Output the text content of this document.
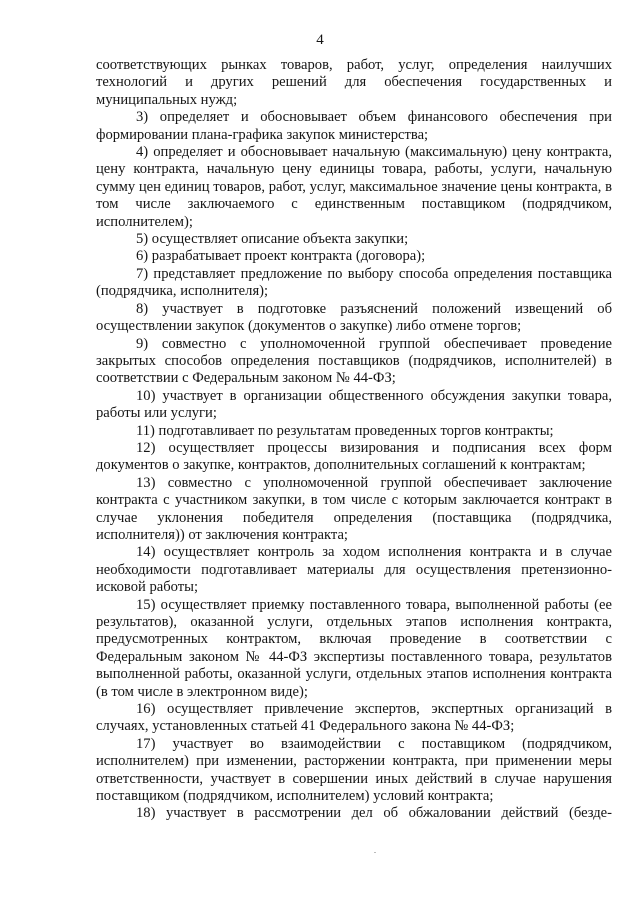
4

соответствующих рынках товаров, работ, услуг, определения наилучших технологий и других решений для обеспечения государственных и муниципальных нужд;

3) определяет и обосновывает объем финансового обеспечения при формировании плана-графика закупок министерства;

4) определяет и обосновывает начальную (максимальную) цену контракта, цену контракта, начальную цену единицы товара, работы, услуги, начальную сумму цен единиц товаров, работ, услуг, максимальное значение цены контракта, в том числе заключаемого с единственным поставщиком (подрядчиком, исполнителем);

5) осуществляет описание объекта закупки;

6) разрабатывает проект контракта (договора);

7) представляет предложение по выбору способа определения поставщика (подрядчика, исполнителя);

8) участвует в подготовке разъяснений положений извещений об осуществлении закупок (документов о закупке) либо отмене торгов;

9) совместно с уполномоченной группой обеспечивает проведение закрытых способов определения поставщиков (подрядчиков, исполнителей) в соответствии с Федеральным законом № 44-ФЗ;

10) участвует в организации общественного обсуждения закупки товара, работы или услуги;

11) подготавливает по результатам проведенных торгов контракты;

12) осуществляет процессы визирования и подписания всех форм документов о закупке, контрактов, дополнительных соглашений к контрактам;

13) совместно с уполномоченной группой обеспечивает заключение контракта с участником закупки, в том числе с которым заключается контракт в случае уклонения победителя определения (поставщика (подрядчика, исполнителя)) от заключения контракта;

14) осуществляет контроль за ходом исполнения контракта и в случае необходимости подготавливает материалы для осуществления претензионно-исковой работы;

15) осуществляет приемку поставленного товара, выполненной работы (ее результатов), оказанной услуги, отдельных этапов исполнения контракта, предусмотренных контрактом, включая проведение в соответствии с Федеральным законом № 44-ФЗ экспертизы поставленного товара, результатов выполненной работы, оказанной услуги, отдельных этапов исполнения контракта (в том числе в электронном виде);

16) осуществляет привлечение экспертов, экспертных организаций в случаях, установленных статьей 41 Федерального закона № 44-ФЗ;

17) участвует во взаимодействии с поставщиком (подрядчиком, исполнителем) при изменении, расторжении контракта, при применении меры ответственности, участвует в совершении иных действий в случае нарушения поставщиком (подрядчиком, исполнителем) условий контракта;

18) участвует в рассмотрении дел об обжаловании действий (безде-
